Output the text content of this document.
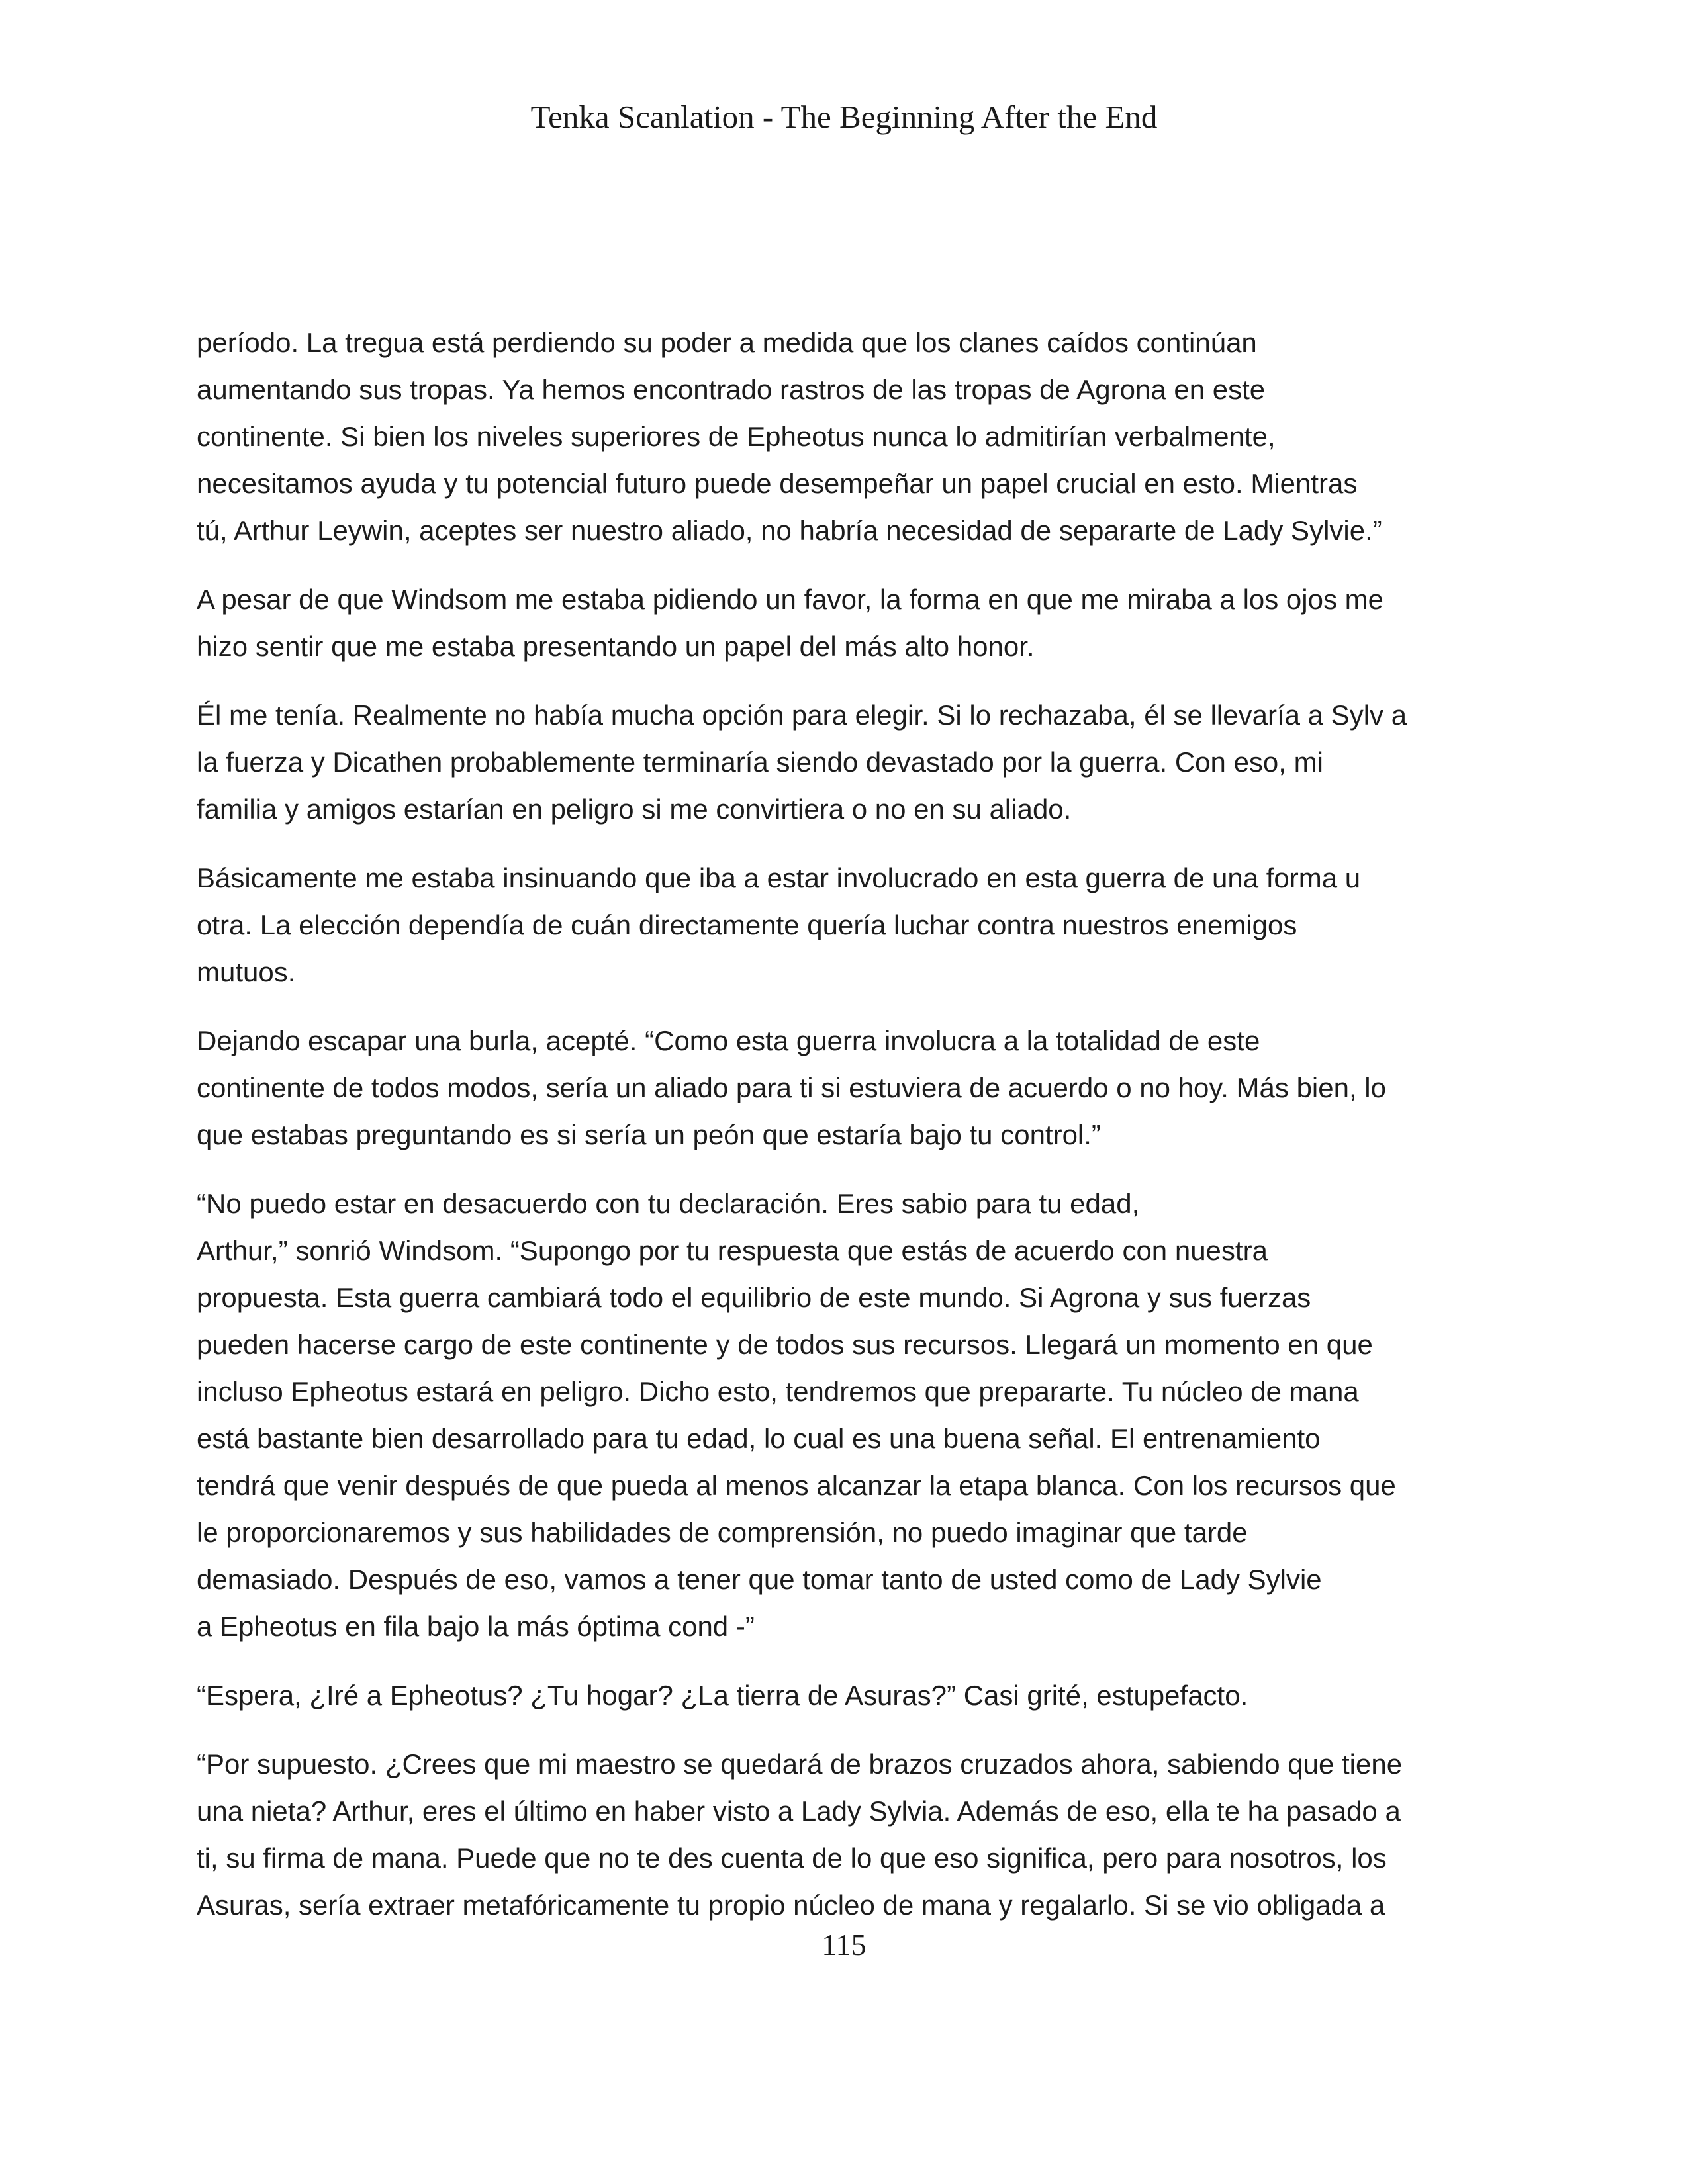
Tenka Scanlation - The Beginning After the End

período. La tregua está perdiendo su poder a medida que los clanes caídos continúan
aumentando sus tropas. Ya hemos encontrado rastros de las tropas de Agrona en este
continente. Si bien los niveles superiores de Epheotus nunca lo admitirían verbalmente,
necesitamos ayuda y tu potencial futuro puede desempeñar un papel crucial en esto. Mientras
tú, Arthur Leywin, aceptes ser nuestro aliado, no habría necesidad de separarte de Lady Sylvie.”

A pesar de que Windsom me estaba pidiendo un favor, la forma en que me miraba a los ojos me
hizo sentir que me estaba presentando un papel del más alto honor.

Él me tenía. Realmente no había mucha opción para elegir. Si lo rechazaba, él se llevaría a Sylv a
la fuerza y Dicathen probablemente terminaría siendo devastado por la guerra. Con eso, mi
familia y amigos estarían en peligro si me convirtiera o no en su aliado.

Básicamente me estaba insinuando que iba a estar involucrado en esta guerra de una forma u
otra. La elección dependía de cuán directamente quería luchar contra nuestros enemigos
mutuos.

Dejando escapar una burla, acepté. “Como esta guerra involucra a la totalidad de este
continente de todos modos, sería un aliado para ti si estuviera de acuerdo o no hoy. Más bien, lo
que estabas preguntando es si sería un peón que estaría bajo tu control.”

“No puedo estar en desacuerdo con tu declaración. Eres sabio para tu edad,
Arthur,” sonrió Windsom. “Supongo por tu respuesta que estás de acuerdo con nuestra
propuesta. Esta guerra cambiará todo el equilibrio de este mundo. Si Agrona y sus fuerzas
pueden hacerse cargo de este continente y de todos sus recursos. Llegará un momento en que
incluso Epheotus estará en peligro. Dicho esto, tendremos que prepararte. Tu núcleo de mana
está bastante bien desarrollado para tu edad, lo cual es una buena señal. El entrenamiento
tendrá que venir después de que pueda al menos alcanzar la etapa blanca. Con los recursos que
le proporcionaremos y sus habilidades de comprensión, no puedo imaginar que tarde
demasiado. Después de eso, vamos a tener que tomar tanto de usted como de Lady Sylvie
a Epheotus en fila bajo la más óptima cond -”

“Espera, ¿Iré a Epheotus? ¿Tu hogar? ¿La tierra de Asuras?” Casi grité, estupefacto.

“Por supuesto. ¿Crees que mi maestro se quedará de brazos cruzados ahora, sabiendo que tiene
una nieta? Arthur, eres el último en haber visto a Lady Sylvia. Además de eso, ella te ha pasado a
ti, su firma de mana. Puede que no te des cuenta de lo que eso significa, pero para nosotros, los
Asuras, sería extraer metafóricamente tu propio núcleo de mana y regalarlo. Si se vio obligada a

115
